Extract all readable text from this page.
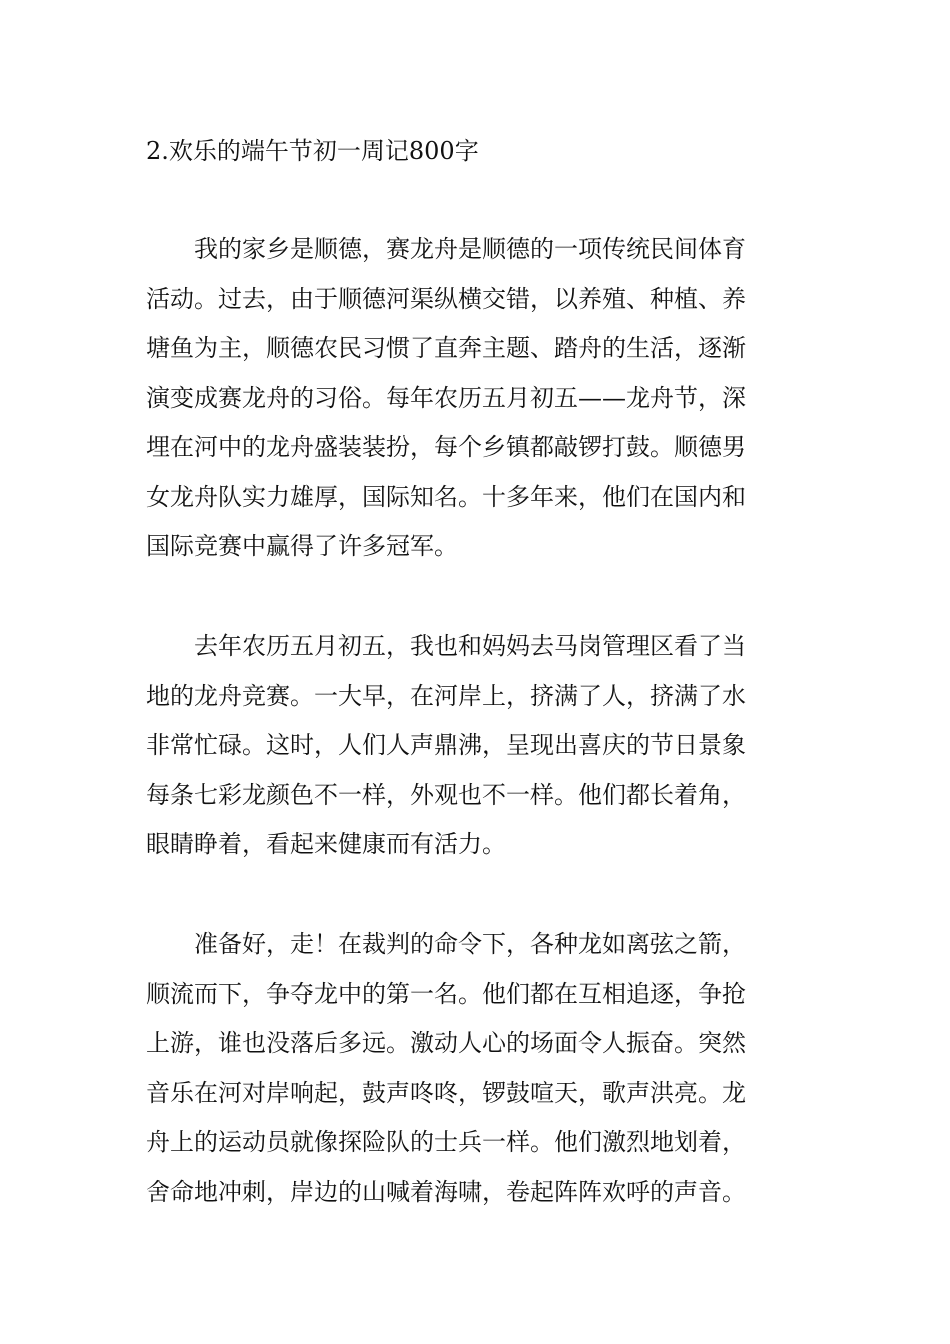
2.欢乐的端午节初一周记800字
　　我的家乡是顺德，赛龙舟是顺德的一项传统民间体育
活动。过去，由于顺德河渠纵横交错，以养殖、种植、养
塘鱼为主，顺德农民习惯了直奔主题、踏舟的生活，逐渐
演变成赛龙舟的习俗。每年农历五月初五——龙舟节，深
埋在河中的龙舟盛装装扮，每个乡镇都敲锣打鼓。顺德男
女龙舟队实力雄厚，国际知名。十多年来，他们在国内和
国际竞赛中赢得了许多冠军。
　　去年农历五月初五，我也和妈妈去马岗管理区看了当
地的龙舟竞赛。一大早，在河岸上，挤满了人，挤满了水
非常忙碌。这时，人们人声鼎沸，呈现出喜庆的节日景象
每条七彩龙颜色不一样，外观也不一样。他们都长着角，
眼睛睁着，看起来健康而有活力。
　　准备好，走！在裁判的命令下，各种龙如离弦之箭，
顺流而下，争夺龙中的第一名。他们都在互相追逐，争抢
上游，谁也没落后多远。激动人心的场面令人振奋。突然
音乐在河对岸响起，鼓声咚咚，锣鼓喧天，歌声洪亮。龙
舟上的运动员就像探险队的士兵一样。他们激烈地划着，
舍命地冲刺，岸边的山喊着海啸，卷起阵阵欢呼的声音。
